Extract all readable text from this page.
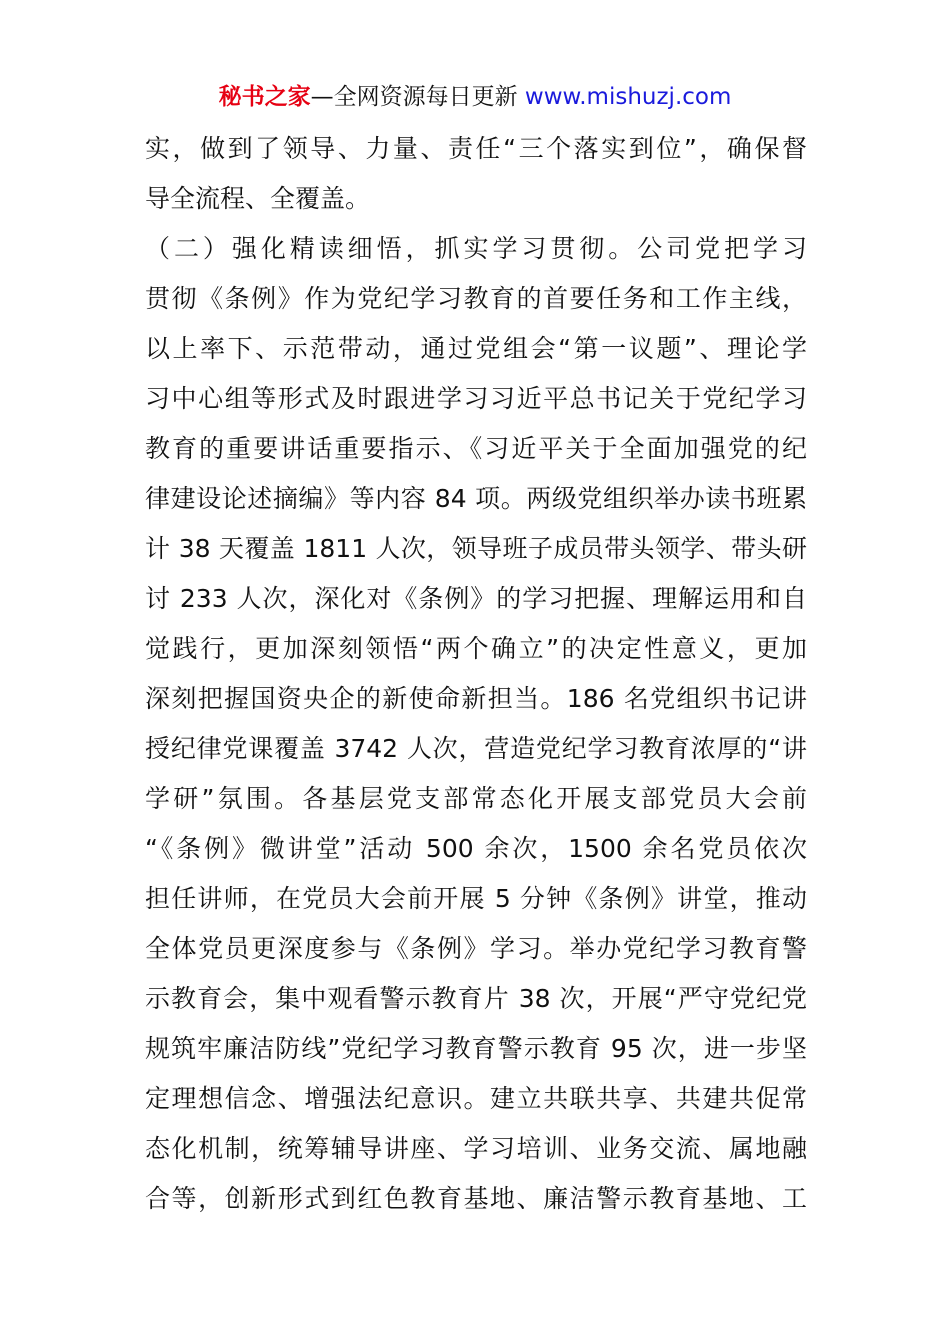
秘书之家—全网资源每日更新 www.mishuzj.com
实，做到了领导、力量、责任“三个落实到位”，确保督
导全流程、全覆盖。
（二）强化精读细悟，抓实学习贯彻。公司党把学习
贯彻《条例》作为党纪学习教育的首要任务和工作主线，
以上率下、示范带动，通过党组会“第一议题”、理论学
习中心组等形式及时跟进学习习近平总书记关于党纪学习
教育的重要讲话重要指示、《习近平关于全面加强党的纪
律建设论述摘编》等内容 84 项。两级党组织举办读书班累
计 38 天覆盖 1811 人次，领导班子成员带头领学、带头研
讨 233 人次，深化对《条例》的学习把握、理解运用和自
觉践行，更加深刻领悟“两个确立”的决定性意义，更加
深刻把握国资央企的新使命新担当。186 名党组织书记讲
授纪律党课覆盖 3742 人次，营造党纪学习教育浓厚的“讲
学研”氛围。各基层党支部常态化开展支部党员大会前
“《条例》微讲堂”活动 500 余次，1500 余名党员依次
担任讲师，在党员大会前开展 5 分钟《条例》讲堂，推动
全体党员更深度参与《条例》学习。举办党纪学习教育警
示教育会，集中观看警示教育片 38 次，开展“严守党纪党
规筑牢廉洁防线”党纪学习教育警示教育 95 次，进一步坚
定理想信念、增强法纪意识。建立共联共享、共建共促常
态化机制，统筹辅导讲座、学习培训、业务交流、属地融
合等，创新形式到红色教育基地、廉洁警示教育基地、工
